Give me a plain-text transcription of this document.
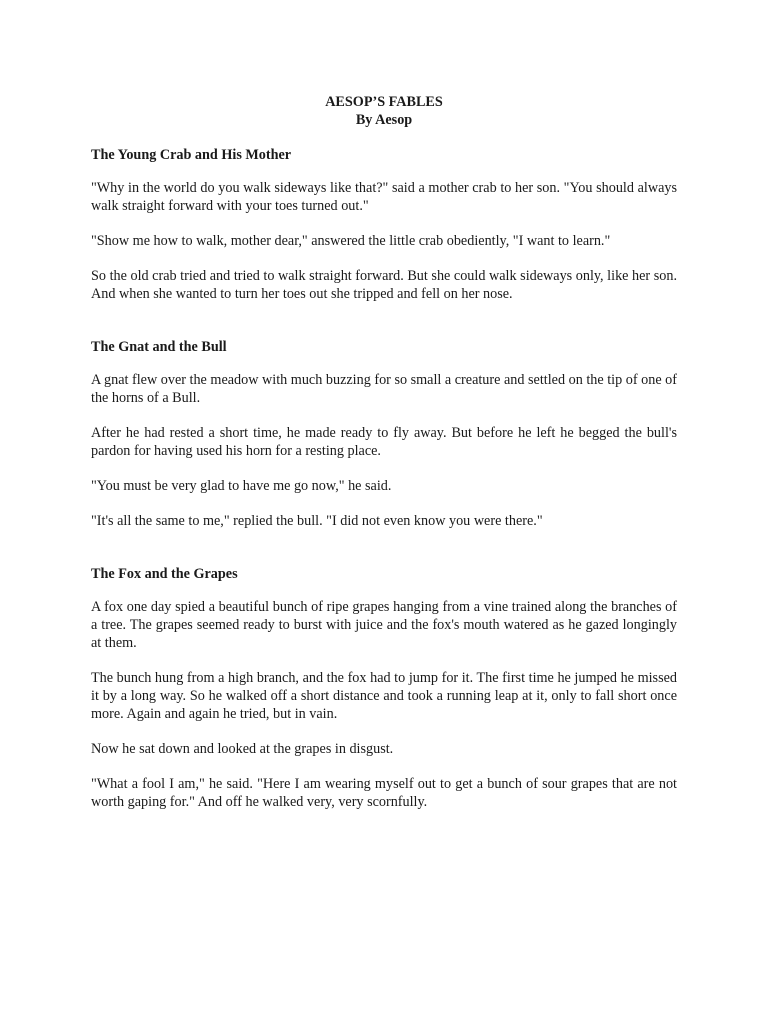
AESOP’S FABLES
By Aesop
The Young Crab and His Mother

"Why in the world do you walk sideways like that?" said a mother crab to her son. "You should always walk straight forward with your toes turned out."

"Show me how to walk, mother dear," answered the little crab obediently, "I want to learn."

So the old crab tried and tried to walk straight forward. But she could walk sideways only, like her son. And when she wanted to turn her toes out she tripped and fell on her nose.

The Gnat and the Bull

A gnat flew over the meadow with much buzzing for so small a creature and settled on the tip of one of the horns of a Bull.

After he had rested a short time, he made ready to fly away. But before he left he begged the bull's pardon for having used his horn for a resting place.

"You must be very glad to have me go now," he said.

"It's all the same to me," replied the bull. "I did not even know you were there."

The Fox and the Grapes

A fox one day spied a beautiful bunch of ripe grapes hanging from a vine trained along the branches of a tree. The grapes seemed ready to burst with juice and the fox's mouth watered as he gazed longingly at them.

The bunch hung from a high branch, and the fox had to jump for it. The first time he jumped he missed it by a long way. So he walked off a short distance and took a running leap at it, only to fall short once more. Again and again he tried, but in vain.

Now he sat down and looked at the grapes in disgust.

"What a fool I am," he said. "Here I am wearing myself out to get a bunch of sour grapes that are not worth gaping for." And off he walked very, very scornfully.
